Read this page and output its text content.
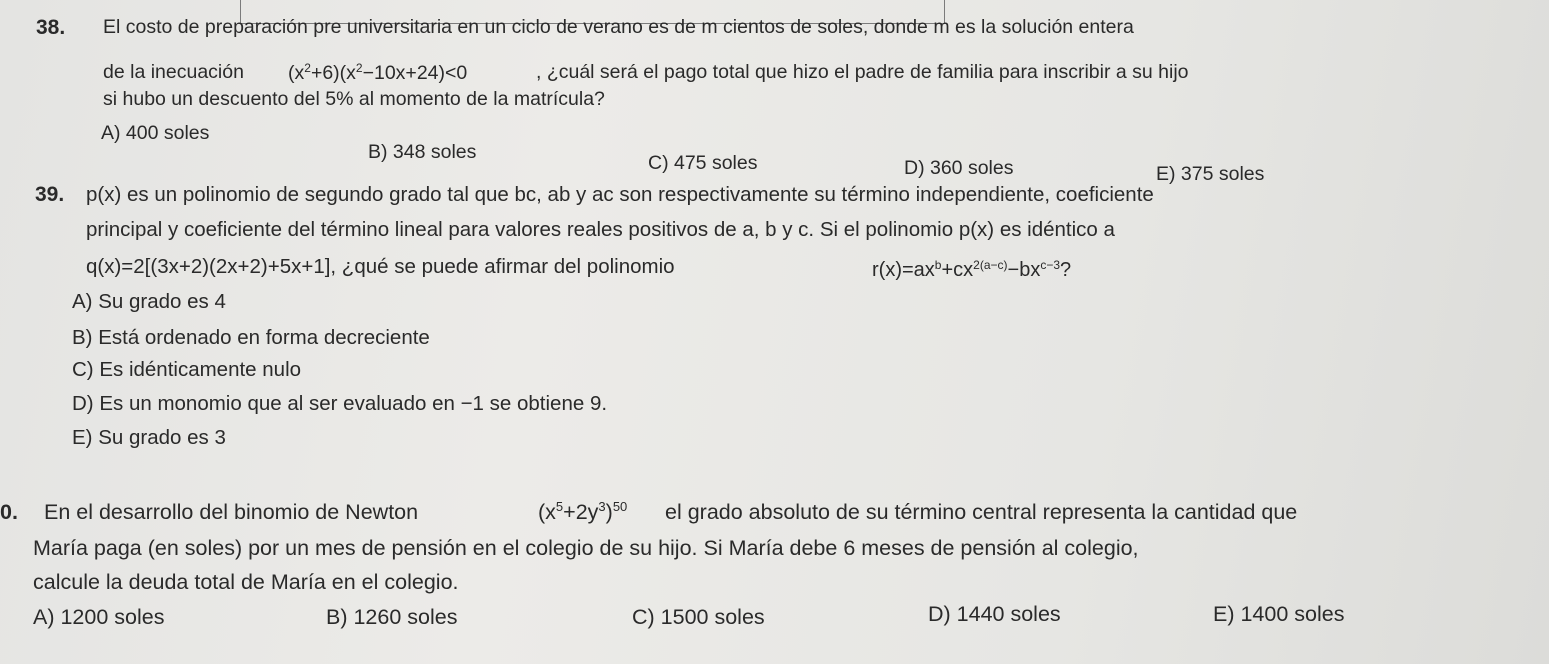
38. El costo de preparación pre universitaria en un ciclo de verano es de m cientos de soles, donde m es la solución entera
de la inecuación $(x^2+6)(x^2-10x+24)<0$	, ¿cuál será el pago total que hizo el padre de familia para inscribir a su hijo
si hubo un descuento del 5% al momento de la matrícula?
A) 400 soles
B) 348 soles	C) 475 soles	D) 360 soles	E) 375 soles
39. p(x) es un polinomio de segundo grado tal que bc, ab y ac son respectivamente su término independiente, coeficiente
principal y coeficiente del término lineal para valores reales positivos de a, b y c. Si el polinomio p(x) es idéntico a
q(x)=2[(3x+2)(2x+2)+5x+1], ¿qué se puede afirmar del polinomio	$r(x)=ax^b+cx^{2(a-c)}-bx^{c-3}$?
A) Su grado es 4
B) Está ordenado en forma decreciente
C) Es idénticamente nulo
D) Es un monomio que al ser evaluado en −1 se obtiene 9.
E) Su grado es 3
0. En el desarrollo del binomio de Newton	$(x^5+2y^3)^{50}$ el grado absoluto de su término central representa la cantidad que
María paga (en soles) por un mes de pensión en el colegio de su hijo. Si María debe 6 meses de pensión al colegio,
calcule la deuda total de María en el colegio.
A) 1200 soles	B) 1260 soles	C) 1500 soles	D) 1440 soles	E) 1400 soles
